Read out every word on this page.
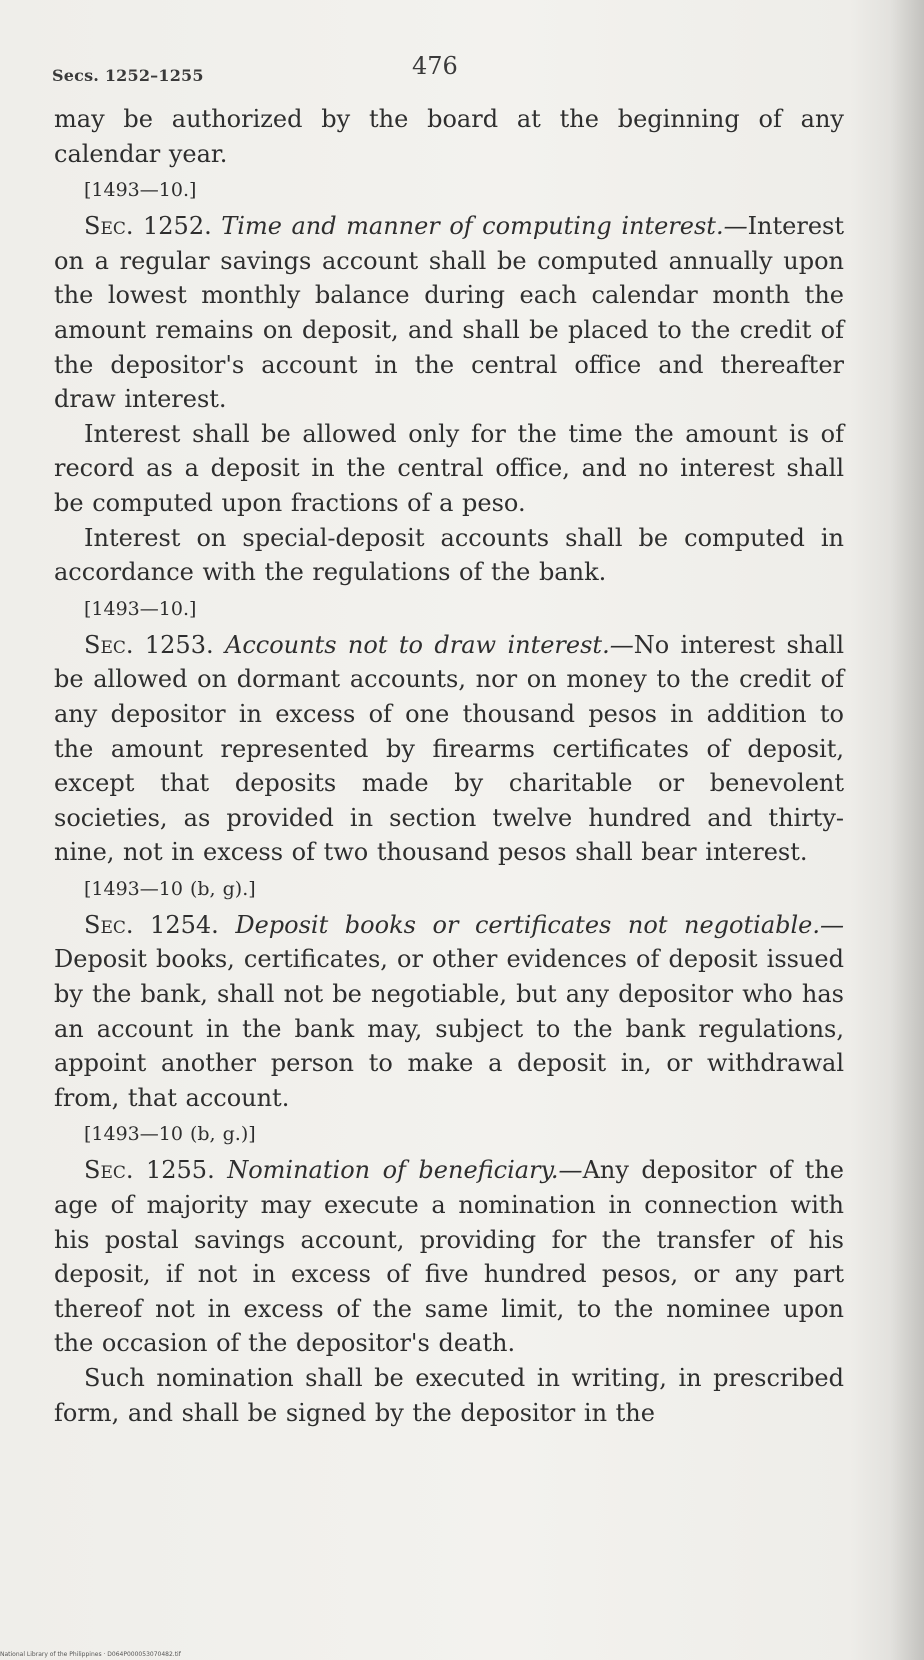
Secs. 1252–1255	476

may be authorized by the board at the beginning of any calendar year.

[1493—10.]

Sec. 1252. Time and manner of computing interest.—Interest on a regular savings account shall be computed annually upon the lowest monthly balance during each calendar month the amount remains on deposit, and shall be placed to the credit of the depositor's account in the central office and thereafter draw interest.

Interest shall be allowed only for the time the amount is of record as a deposit in the central office, and no interest shall be computed upon fractions of a peso.

Interest on special-deposit accounts shall be computed in accordance with the regulations of the bank.

[1493—10.]

Sec. 1253. Accounts not to draw interest.—No interest shall be allowed on dormant accounts, nor on money to the credit of any depositor in excess of one thousand pesos in addition to the amount represented by firearms certificates of deposit, except that deposits made by charitable or benevolent societies, as provided in section twelve hundred and thirty-nine, not in excess of two thousand pesos shall bear interest.

[1493—10 (b, g).]

Sec. 1254. Deposit books or certificates not negotiable.—Deposit books, certificates, or other evidences of deposit issued by the bank, shall not be negotiable, but any depositor who has an account in the bank may, subject to the bank regulations, appoint another person to make a deposit in, or withdrawal from, that account.

[1493—10 (b, g.)]

Sec. 1255. Nomination of beneficiary.—Any depositor of the age of majority may execute a nomination in connection with his postal savings account, providing for the transfer of his deposit, if not in excess of five hundred pesos, or any part thereof not in excess of the same limit, to the nominee upon the occasion of the depositor's death.

Such nomination shall be executed in writing, in prescribed form, and shall be signed by the depositor in the

National Library of the Philippines · D064P000053070482.tif
